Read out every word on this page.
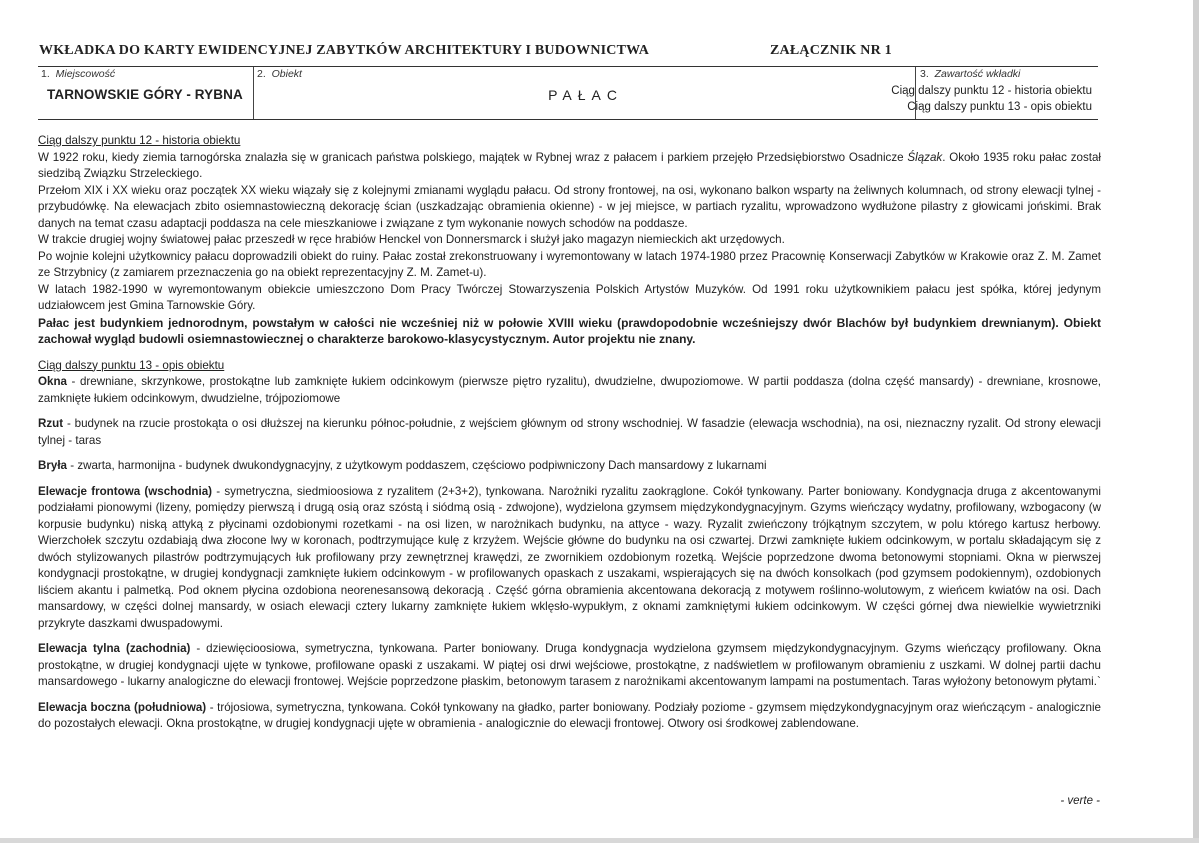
WKŁADKA DO KARTY EWIDENCYJNEJ ZABYTKÓW ARCHITEKTURY I BUDOWNICTWA	ZAŁĄCZNIK NR 1
1. Miejscowość
TARNOWSKIE GÓRY - RYBNA
2. Obiekt
PAŁAC
3. Zawartość wkładki
Ciąg dalszy punktu 12 - historia obiektu
Ciąg dalszy punktu 13 - opis obiektu

Ciąg dalszy punktu 12 - historia obiektu

W 1922 roku, kiedy ziemia tarnogórska znalazła się w granicach państwa polskiego, majątek w Rybnej wraz z pałacem i parkiem przejęło Przedsiębiorstwo Osadnicze Ślązak. Około 1935 roku pałac został siedzibą Związku Strzeleckiego.

Przełom XIX i XX wieku oraz początek XX wieku wiązały się z kolejnymi zmianami wyglądu pałacu. Od strony frontowej, na osi, wykonano balkon wsparty na żeliwnych kolumnach, od strony elewacji tylnej - przybudówkę. Na elewacjach zbito osiemnastowieczną dekorację ścian (uszkadzając obramienia okienne) - w jej miejsce, w partiach ryzalitu, wprowadzono wydłużone pilastry z głowicami jońskimi. Brak danych na temat czasu adaptacji poddasza na cele mieszkaniowe i związane z tym wykonanie nowych schodów na poddasze.

W trakcie drugiej wojny światowej pałac przeszedł w ręce hrabiów Henckel von Donnersmarck i służył jako magazyn niemieckich akt urzędowych.

Po wojnie kolejni użytkownicy pałacu doprowadzili obiekt do ruiny. Pałac został zrekonstruowany i wyremontowany w latach 1974-1980 przez Pracownię Konserwacji Zabytków w Krakowie oraz Z. M. Zamet ze Strzybnicy (z zamiarem przeznaczenia go na obiekt reprezentacyjny Z. M. Zamet-u).

W latach 1982-1990 w wyremontowanym obiekcie umieszczono Dom Pracy Twórczej Stowarzyszenia Polskich Artystów Muzyków. Od 1991 roku użytkownikiem pałacu jest spółka, której jedynym udziałowcem jest Gmina Tarnowskie Góry.

Pałac jest budynkiem jednorodnym, powstałym w całości nie wcześniej niż w połowie XVIII wieku (prawdopodobnie wcześniejszy dwór Blachów był budynkiem drewnianym). Obiekt zachował wygląd budowli osiemnastowiecznej o charakterze barokowo-klasycystycznym. Autor projektu nie znany.

Ciąg dalszy punktu 13 - opis obiektu

Okna - drewniane, skrzynkowe, prostokątne lub zamknięte łukiem odcinkowym (pierwsze piętro ryzalitu), dwudzielne, dwupoziomowe. W partii poddasza (dolna część mansardy) - drewniane, krosnowe, zamknięte łukiem odcinkowym, dwudzielne, trójpoziomowe

Rzut - budynek na rzucie prostokąta o osi dłuższej na kierunku północ-południe, z wejściem głównym od strony wschodniej. W fasadzie (elewacja wschodnia), na osi, nieznaczny ryzalit. Od strony elewacji tylnej - taras

Bryła - zwarta, harmonijna - budynek dwukondygnacyjny, z użytkowym poddaszem, częściowo podpiwniczony Dach mansardowy z lukarnami

Elewacje frontowa (wschodnia) - symetryczna, siedmioosiowa z ryzalitem (2+3+2), tynkowana. Narożniki ryzalitu zaokrąglone. Cokół tynkowany. Parter boniowany. Kondygnacja druga z akcentowanymi podziałami pionowymi (lizeny, pomiędzy pierwszą i drugą osią oraz szóstą i siódmą osią - zdwojone), wydzielona gzymsem międzykondygnacyjnym. Gzyms wieńczący wydatny, profilowany, wzbogacony (w korpusie budynku) niską attyką z płycinami ozdobionymi rozetkami - na osi lizen, w narożnikach budynku, na attyce - wazy. Ryzalit zwieńczony trójkątnym szczytem, w polu którego kartusz herbowy. Wierzchołek szczytu ozdabiają dwa złocone lwy w koronach, podtrzymujące kulę z krzyżem. Wejście główne do budynku na osi czwartej. Drzwi zamknięte łukiem odcinkowym, w portalu składającym się z dwóch stylizowanych pilastrów podtrzymujących łuk profilowany przy zewnętrznej krawędzi, ze zwornikiem ozdobionym rozetką. Wejście poprzedzone dwoma betonowymi stopniami. Okna w pierwszej kondygnacji prostokątne, w drugiej kondygnacji zamknięte łukiem odcinkowym - w profilowanych opaskach z uszakami, wspierających się na dwóch konsolkach (pod gzymsem podokiennym), ozdobionych liściem akantu i palmetką. Pod oknem płycina ozdobiona neorenesansową dekoracją . Część górna obramienia akcentowana dekoracją z motywem roślinno-wolutowym, z wieńcem kwiatów na osi. Dach mansardowy, w części dolnej mansardy, w osiach elewacji cztery lukarny zamknięte łukiem wklęsło-wypukłym, z oknami zamkniętymi łukiem odcinkowym. W części górnej dwa niewielkie wywietrzniki przykryte daszkami dwuspadowymi.

Elewacja tylna (zachodnia) - dziewięcioosiowa, symetryczna, tynkowana. Parter boniowany. Druga kondygnacja wydzielona gzymsem międzykondygnacyjnym. Gzyms wieńczący profilowany. Okna prostokątne, w drugiej kondygnacji ujęte w tynkowe, profilowane opaski z uszakami. W piątej osi drwi wejściowe, prostokątne, z nadświetlem w profilowanym obramieniu z uszkami. W dolnej partii dachu mansardowego - lukarny analogiczne do elewacji frontowej. Wejście poprzedzone płaskim, betonowym tarasem z narożnikami akcentowanym lampami na postumentach. Taras wyłożony betonowym płytami.`

Elewacja boczna (południowa) - trójosiowa, symetryczna, tynkowana. Cokół tynkowany na gładko, parter boniowany. Podziały poziome - gzymsem międzykondygnacyjnym oraz wieńczącym - analogicznie do pozostałych elewacji. Okna prostokątne, w drugiej kondygnacji ujęte w obramienia - analogicznie do elewacji frontowej. Otwory osi środkowej zablendowane.

- verte -
